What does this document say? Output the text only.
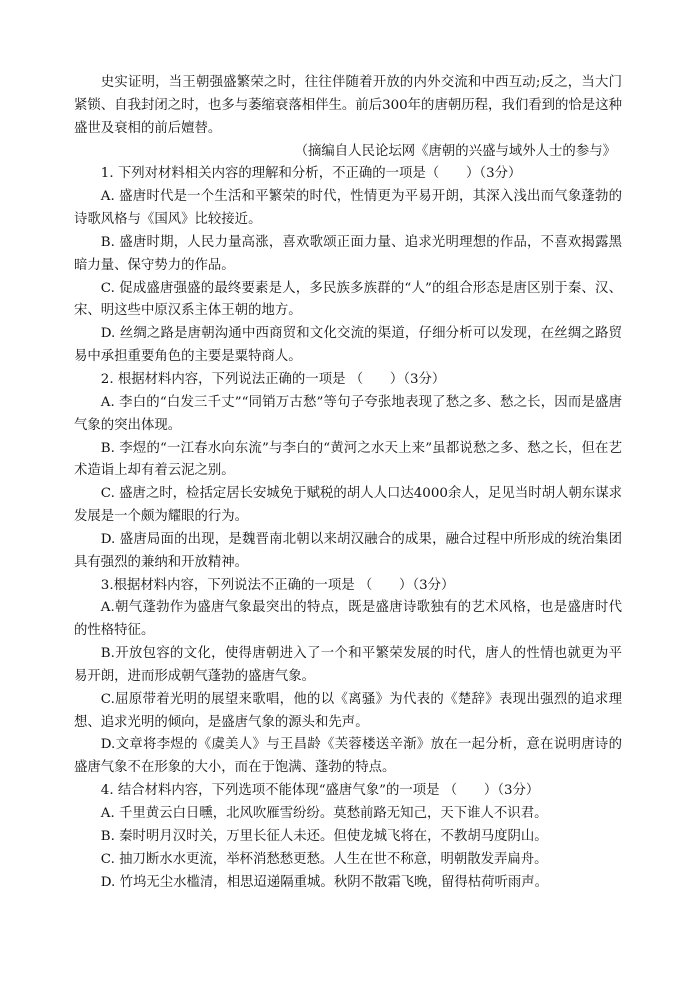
史实证明，当王朝强盛繁荣之时，往往伴随着开放的内外交流和中西互动;反之，当大门紧锁、自我封闭之时，也多与萎缩衰落相伴生。前后300年的唐朝历程，我们看到的恰是这种盛世及衰相的前后嬗替。

（摘编自人民论坛网《唐朝的兴盛与域外人士的参与》

1. 下列对材料相关内容的理解和分析，不正确的一项是（　　）（3分）

A. 盛唐时代是一个生活和平繁荣的时代，性情更为平易开朗，其深入浅出而气象蓬勃的诗歌风格与《国风》比较接近。

B. 盛唐时期，人民力量高涨，喜欢歌颂正面力量、追求光明理想的作品，不喜欢揭露黑暗力量、保守势力的作品。

C. 促成盛唐强盛的最终要素是人，多民族多族群的“人”的组合形态是唐区别于秦、汉、宋、明这些中原汉系主体王朝的地方。

D. 丝绸之路是唐朝沟通中西商贸和文化交流的渠道，仔细分析可以发现，在丝绸之路贸易中承担重要角色的主要是粟特商人。

2. 根据材料内容，下列说法正确的一项是 （　　）（3分）

A. 李白的“白发三千丈”“同销万古愁”等句子夸张地表现了愁之多、愁之长，因而是盛唐气象的突出体现。

B. 李煜的“一江春水向东流”与李白的“黄河之水天上来”虽都说愁之多、愁之长，但在艺术造诣上却有着云泥之别。

C. 盛唐之时，检括定居长安城免于赋税的胡人人口达4000余人，足见当时胡人朝东谋求发展是一个颇为耀眼的行为。

D. 盛唐局面的出现，是魏晋南北朝以来胡汉融合的成果，融合过程中所形成的统治集团具有强烈的兼纳和开放精神。

3.根据材料内容，下列说法不正确的一项是 （　　）（3分）

A.朝气蓬勃作为盛唐气象最突出的特点，既是盛唐诗歌独有的艺术风格，也是盛唐时代的性格特征。

B.开放包容的文化，使得唐朝进入了一个和平繁荣发展的时代，唐人的性情也就更为平易开朗，进而形成朝气蓬勃的盛唐气象。

C.屈原带着光明的展望来歌唱，他的以《离骚》为代表的《楚辞》表现出强烈的追求理想、追求光明的倾向，是盛唐气象的源头和先声。

D.文章将李煜的《虞美人》与王昌龄《芙蓉楼送辛渐》放在一起分析，意在说明唐诗的盛唐气象不在形象的大小，而在于饱满、蓬勃的特点。

4. 结合材料内容，下列选项不能体现“盛唐气象”的一项是 （　　）（3分）

A. 千里黄云白日曛，北风吹雁雪纷纷。莫愁前路无知己，天下谁人不识君。

B. 秦时明月汉时关，万里长征人未还。但使龙城飞将在，不教胡马度阴山。

C. 抽刀断水水更流，举杯消愁愁更愁。人生在世不称意，明朝散发弄扁舟。

D. 竹坞无尘水槛清，相思迢递隔重城。秋阴不散霜飞晚，留得枯荷听雨声。
